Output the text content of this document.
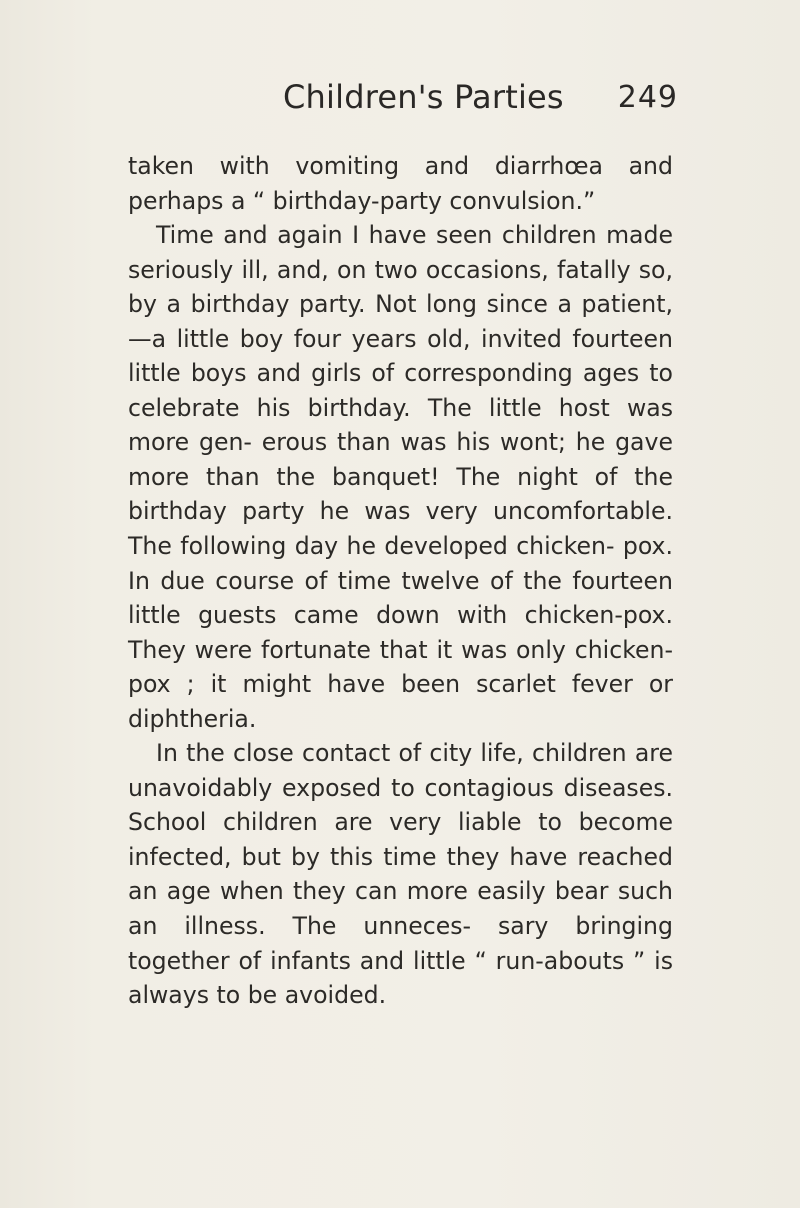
Children's Parties 249

taken with vomiting and diarrhœa and perhaps a “ birthday-party convulsion.”

Time and again I have seen children made seriously ill, and, on two occasions, fatally so, by a birthday party. Not long since a patient,—a little boy four years old, invited fourteen little boys and girls of corresponding ages to celebrate his birthday. The little host was more gen- erous than was his wont; he gave more than the banquet! The night of the birthday party he was very uncomfortable. The following day he developed chicken- pox. In due course of time twelve of the fourteen little guests came down with chicken-pox. They were fortunate that it was only chicken-pox ; it might have been scarlet fever or diphtheria.

In the close contact of city life, children are unavoidably exposed to contagious diseases. School children are very liable to become infected, but by this time they have reached an age when they can more easily bear such an illness. The unneces- sary bringing together of infants and little “ run-abouts ” is always to be avoided.
